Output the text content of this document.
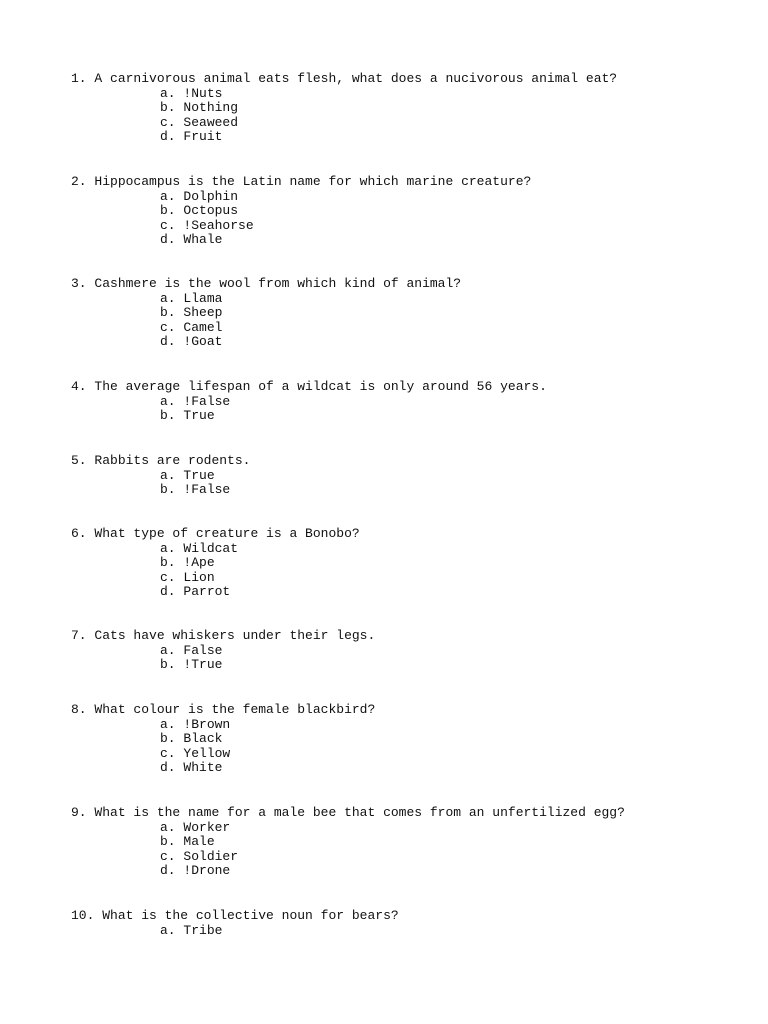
1. A carnivorous animal eats flesh, what does a nucivorous animal eat?
a. !Nuts
b. Nothing
c. Seaweed
d. Fruit
2. Hippocampus is the Latin name for which marine creature?
a. Dolphin
b. Octopus
c. !Seahorse
d. Whale
3. Cashmere is the wool from which kind of animal?
a. Llama
b. Sheep
c. Camel
d. !Goat
4. The average lifespan of a wildcat is only around 56 years.
a. !False
b. True
5. Rabbits are rodents.
a. True
b. !False
6. What type of creature is a Bonobo?
a. Wildcat
b. !Ape
c. Lion
d. Parrot
7. Cats have whiskers under their legs.
a. False
b. !True
8. What colour is the female blackbird?
a. !Brown
b. Black
c. Yellow
d. White
9. What is the name for a male bee that comes from an unfertilized egg?
a. Worker
b. Male
c. Soldier
d. !Drone
10. What is the collective noun for bears?
a. Tribe
